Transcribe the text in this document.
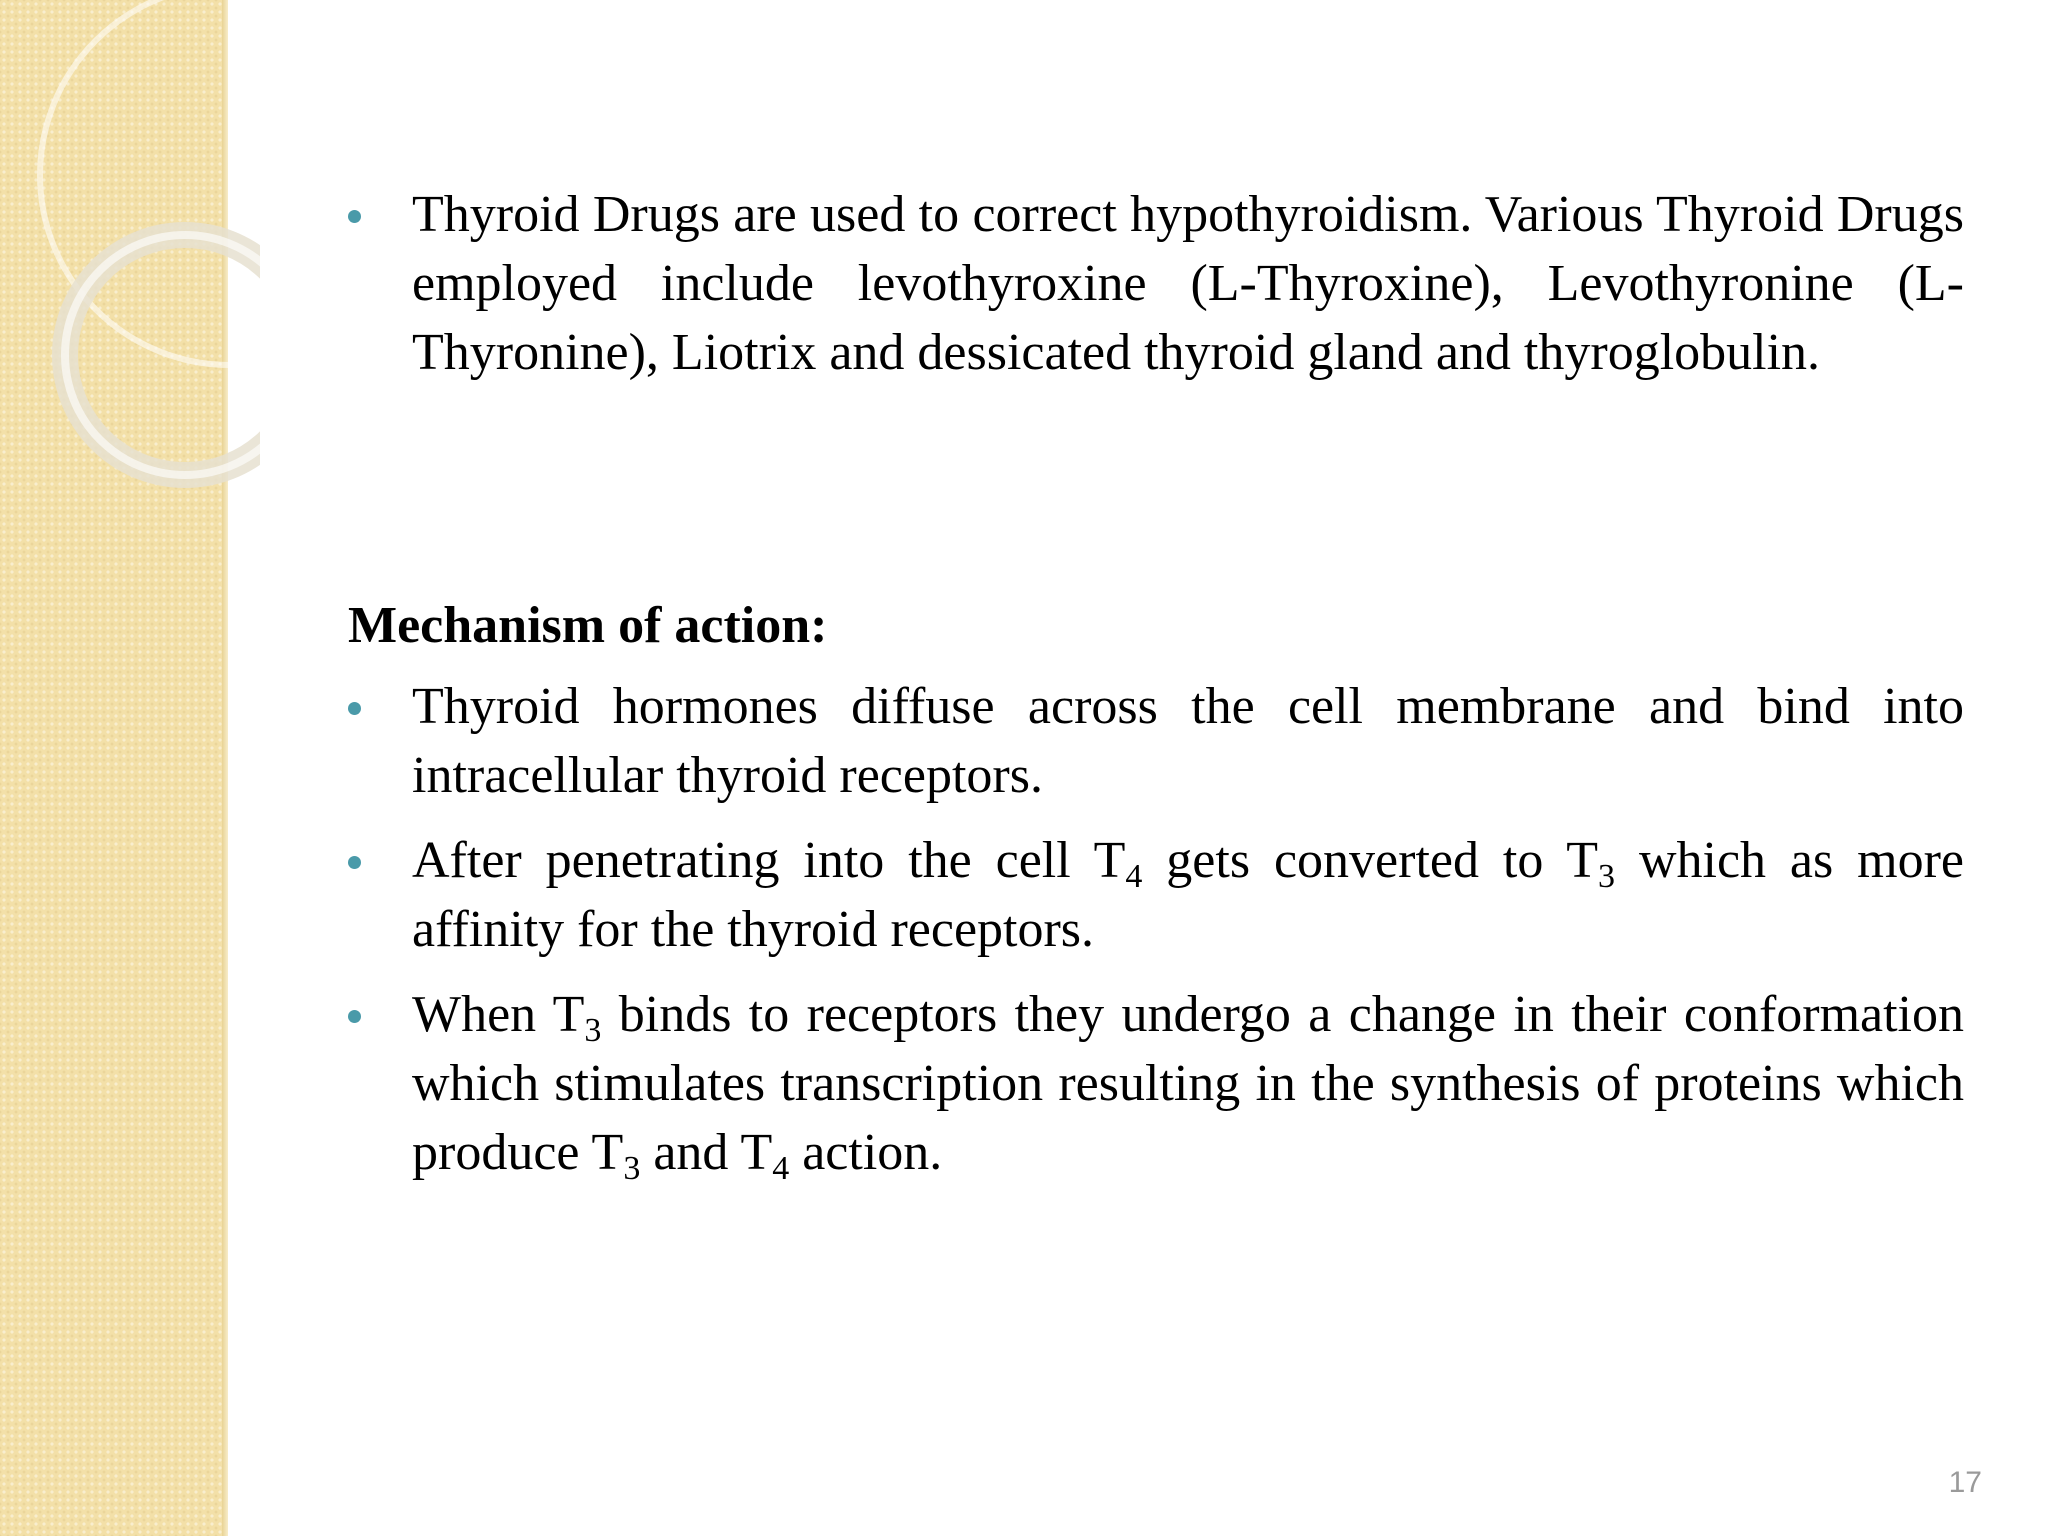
Thyroid Drugs are used to correct hypothyroidism. Various Thyroid Drugs employed include levothyroxine (L-Thyroxine), Levothyronine (L-Thyronine), Liotrix and dessicated thyroid gland and thyroglobulin.
Mechanism of action:
Thyroid hormones diffuse across the cell membrane and bind into intracellular thyroid receptors.
After penetrating into the cell $T_4$ gets converted to $T_3$ which as more affinity for the thyroid receptors.
When $T_3$ binds to receptors they undergo a change in their conformation which stimulates transcription resulting in the synthesis of proteins which produce $T_3$ and $T_4$ action.
17
